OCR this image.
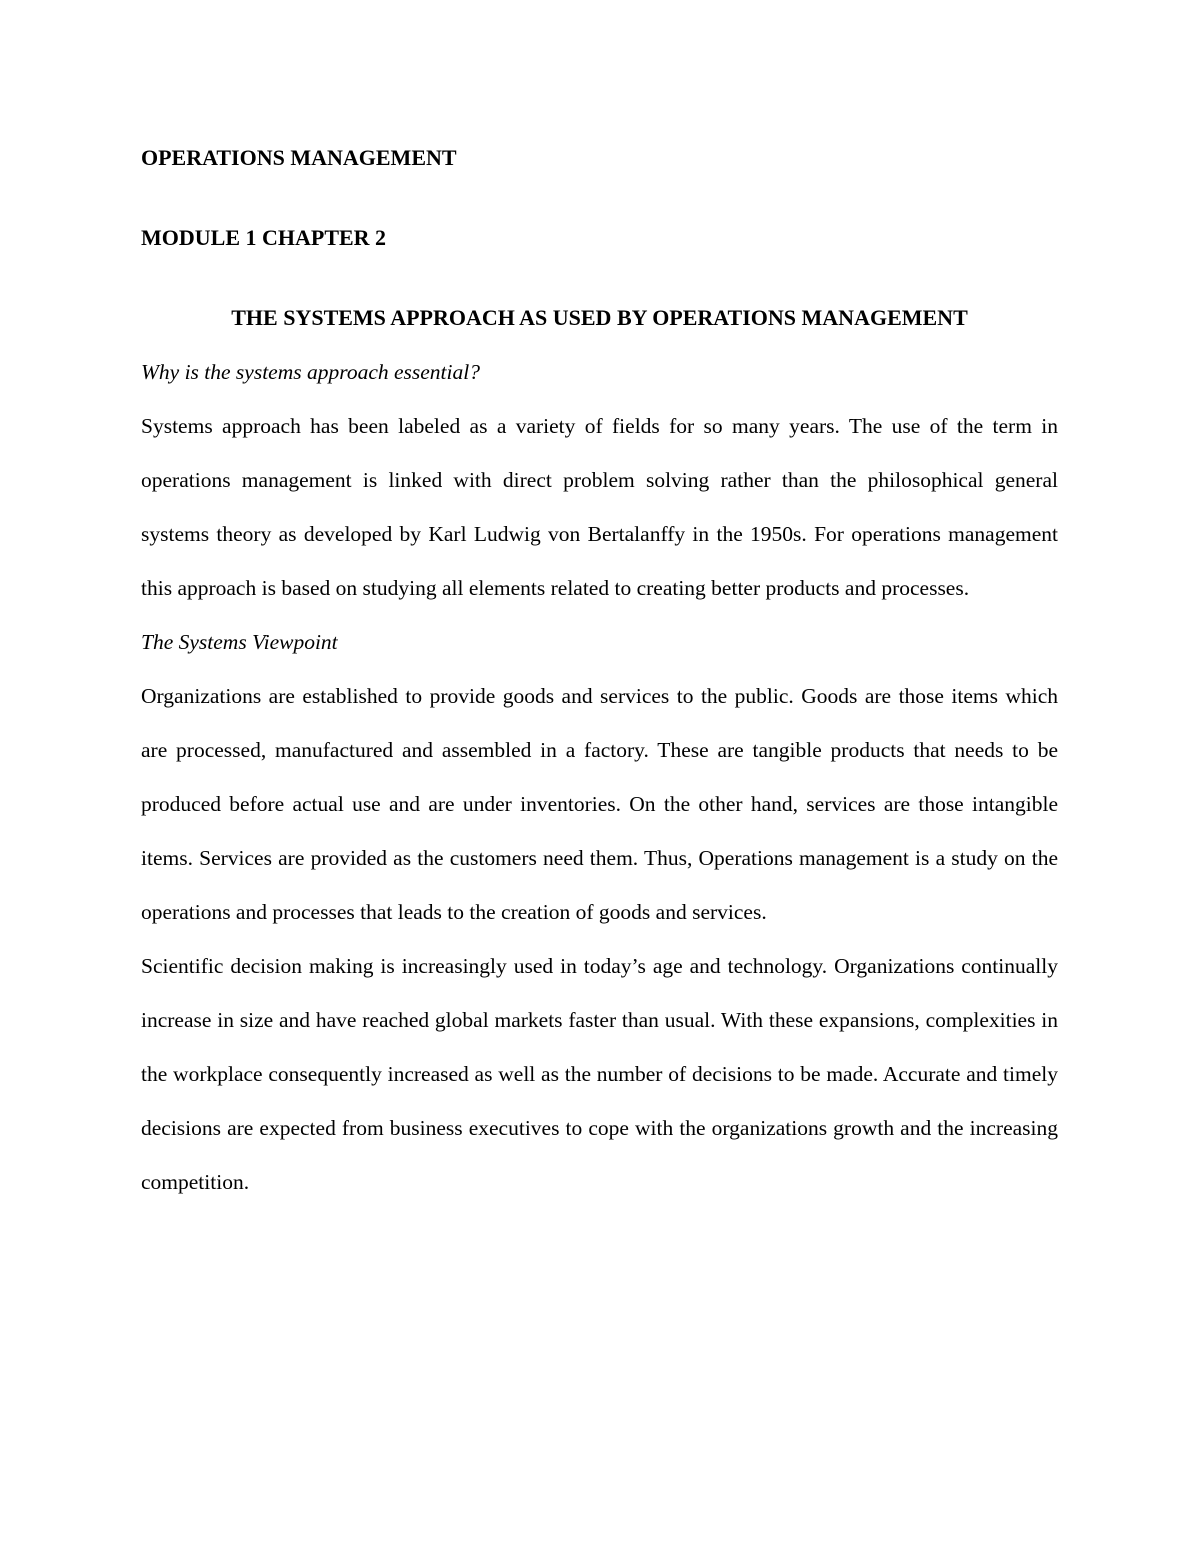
OPERATIONS MANAGEMENT

MODULE 1 CHAPTER 2

THE SYSTEMS APPROACH AS USED BY OPERATIONS MANAGEMENT

Why is the systems approach essential?

Systems approach has been labeled as a variety of fields for so many years. The use of the term in operations management is linked with direct problem solving rather than the philosophical general systems theory as developed by Karl Ludwig von Bertalanffy in the 1950s. For operations management this approach is based on studying all elements related to creating better products and processes.

The Systems Viewpoint

Organizations are established to provide goods and services to the public. Goods are those items which are processed, manufactured and assembled in a factory. These are tangible products that needs to be produced before actual use and are under inventories. On the other hand, services are those intangible items. Services are provided as the customers need them. Thus, Operations management is a study on the operations and processes that leads to the creation of goods and services.

Scientific decision making is increasingly used in today’s age and technology. Organizations continually increase in size and have reached global markets faster than usual. With these expansions, complexities in the workplace consequently increased as well as the number of decisions to be made. Accurate and timely decisions are expected from business executives to cope with the organizations growth and the increasing competition.
